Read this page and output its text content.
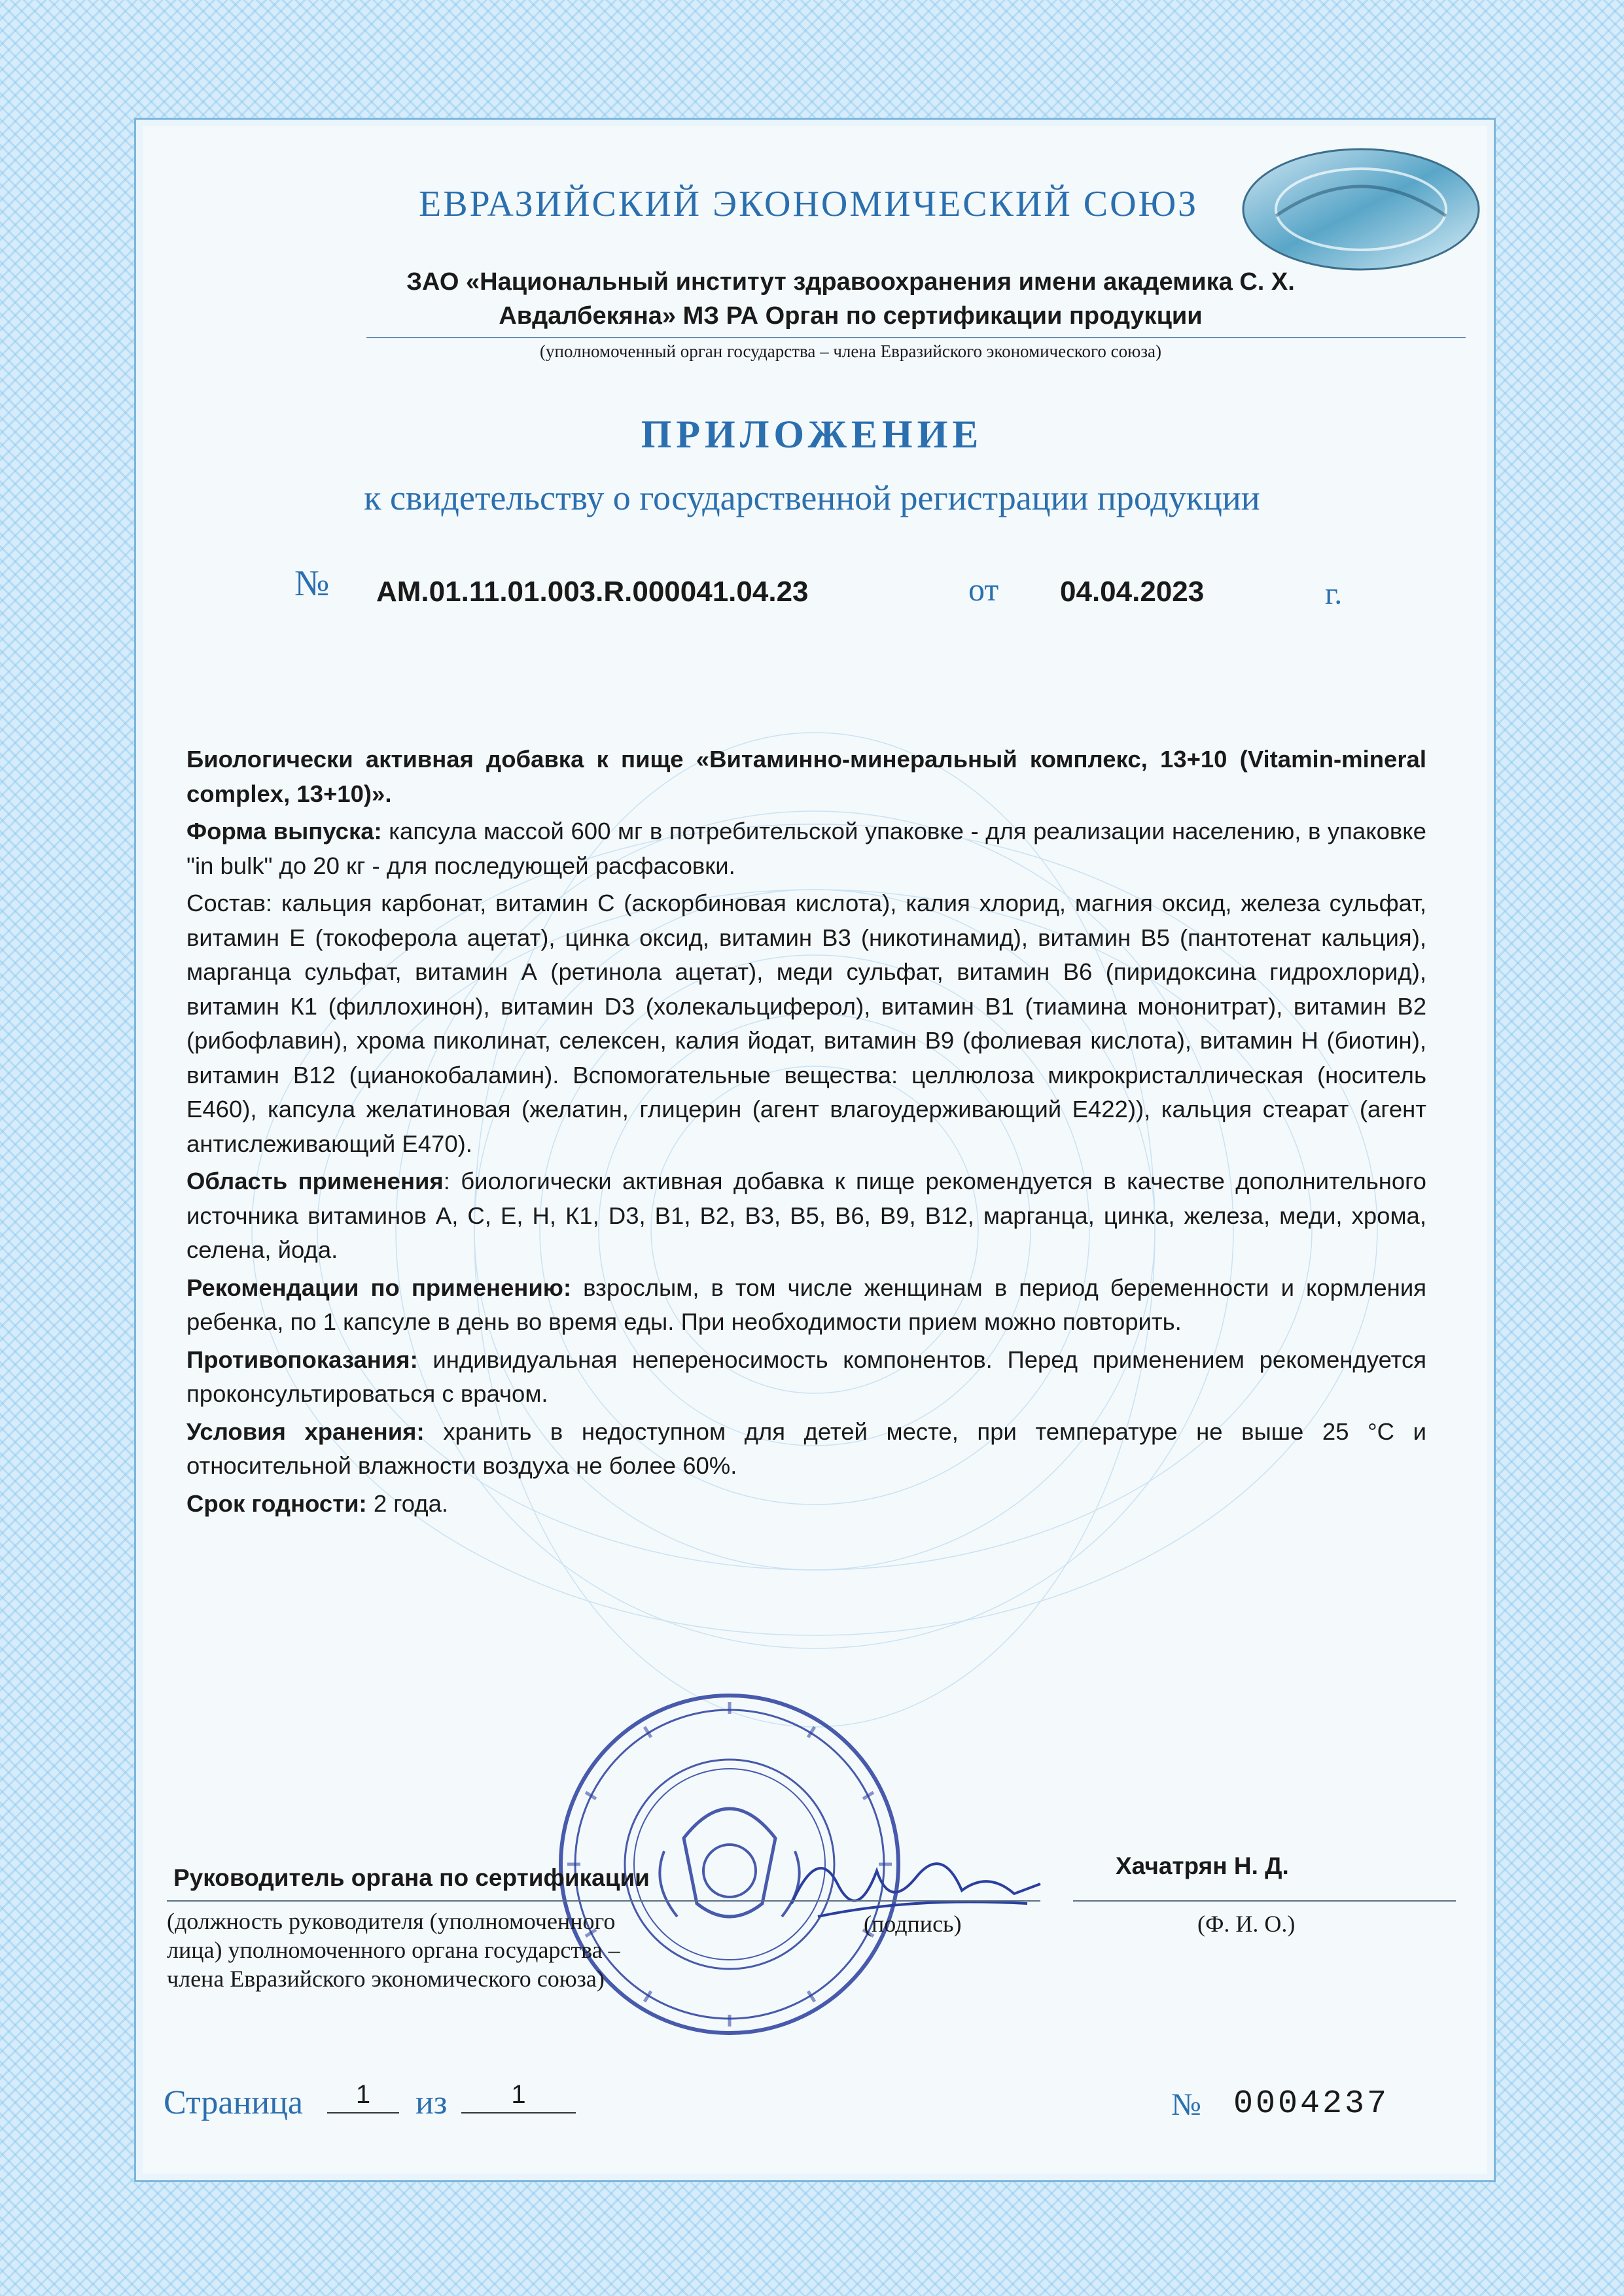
ЕВРАЗИЙСКИЙ ЭКОНОМИЧЕСКИЙ СОЮЗ
ЗАО «Национальный институт здравоохранения имени академика С. Х.
Авдалбекяна» МЗ РА Орган по сертификации продукции
(уполномоченный орган государства – члена Евразийского экономического союза)
ПРИЛОЖЕНИЕ
к свидетельству о государственной регистрации продукции
№ AM.01.11.01.003.R.000041.04.23	от 04.04.2023	г.

Биологически активная добавка к пище «Витаминно-минеральный комплекс, 13+10 (Vitamin-mineral complex, 13+10)».

Форма выпуска: капсула массой 600 мг в потребительской упаковке - для реализации населению, в упаковке "in bulk" до 20 кг - для последующей расфасовки.

Состав: кальция карбонат, витамин С (аскорбиновая кислота), калия хлорид, магния оксид, железа сульфат, витамин Е (токоферола ацетат), цинка оксид, витамин В3 (никотинамид), витамин В5 (пантотенат кальция), марганца сульфат, витамин А (ретинола ацетат), меди сульфат, витамин В6 (пиридоксина гидрохлорид), витамин К1 (филлохинон), витамин D3 (холекальциферол), витамин В1 (тиамина мононитрат), витамин В2 (рибофлавин), хрома пиколинат, селексен, калия йодат, витамин В9 (фолиевая кислота), витамин Н (биотин), витамин В12 (цианокобаламин). Вспомогательные вещества: целлюлоза микрокристаллическая (носитель Е460), капсула желатиновая (желатин, глицерин (агент влагоудерживающий Е422)), кальция стеарат (агент антислеживающий Е470).

Область применения: биологически активная добавка к пище рекомендуется в качестве дополнительного источника витаминов А, С, Е, Н, К1, D3, В1, В2, В3, В5, В6, В9, В12, марганца, цинка, железа, меди, хрома, селена, йода.

Рекомендации по применению: взрослым, в том числе женщинам в период беременности и кормления ребенка, по 1 капсуле в день во время еды. При необходимости прием можно повторить.

Противопоказания: индивидуальная непереносимость компонентов. Перед применением рекомендуется проконсультироваться с врачом.

Условия хранения: хранить в недоступном для детей месте, при температуре не выше 25 °С и относительной влажности воздуха не более 60%.

Срок годности: 2 года.

Руководитель органа по сертификации	Хачатрян Н. Д.
(должность руководителя (уполномоченного лица) уполномоченного органа государства – члена Евразийского экономического союза)
(подпись)	(Ф. И. О.)
Страница	1	из	1	№ 0004237
